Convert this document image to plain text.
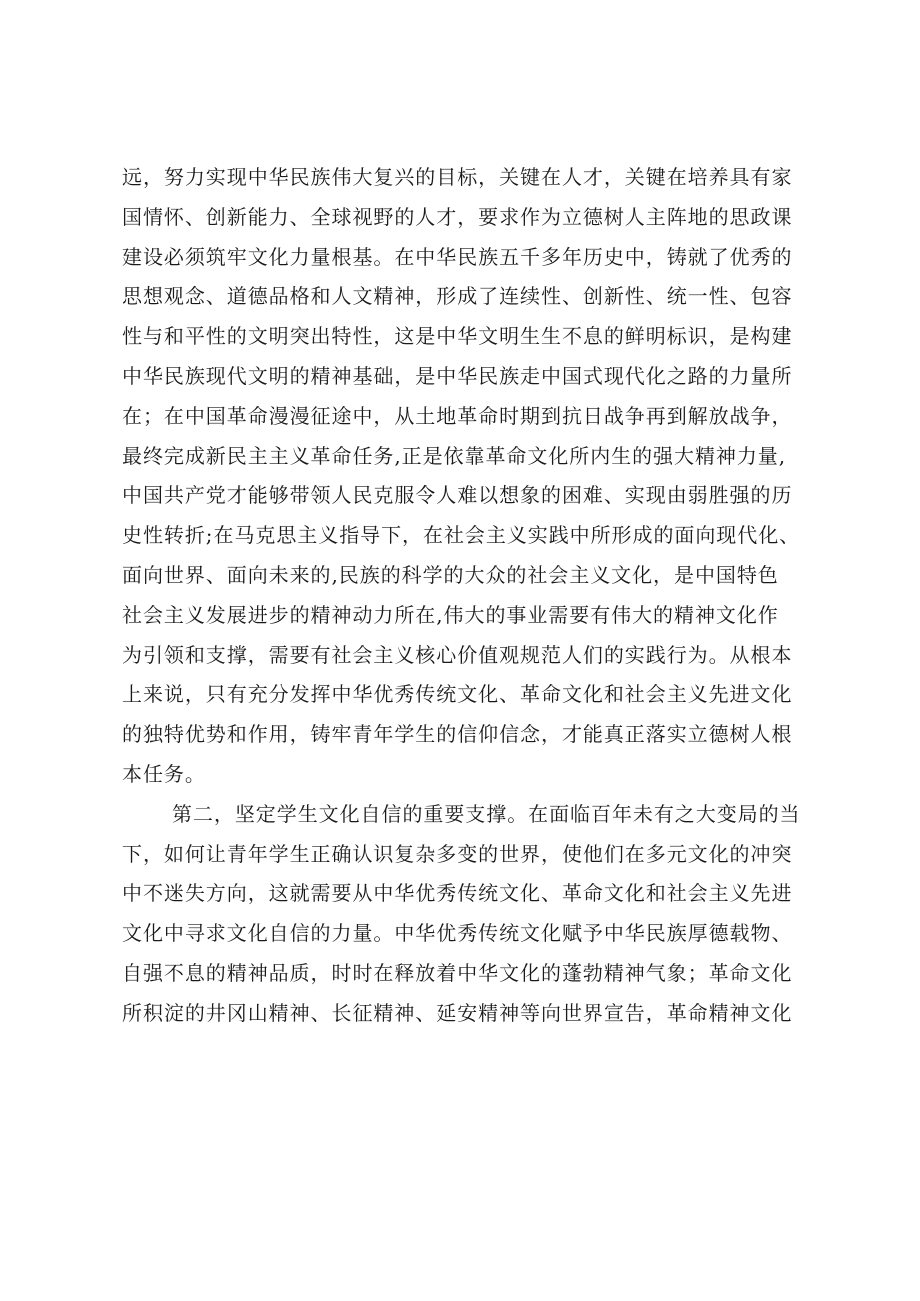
远，努力实现中华民族伟大复兴的目标，关键在人才，关键在培养具有家
国情怀、创新能力、全球视野的人才，要求作为立德树人主阵地的思政课
建设必须筑牢文化力量根基。在中华民族五千多年历史中，铸就了优秀的
思想观念、道德品格和人文精神，形成了连续性、创新性、统一性、包容
性与和平性的文明突出特性，这是中华文明生生不息的鲜明标识，是构建
中华民族现代文明的精神基础，是中华民族走中国式现代化之路的力量所
在；在中国革命漫漫征途中，从土地革命时期到抗日战争再到解放战争，
最终完成新民主主义革命任务,正是依靠革命文化所内生的强大精神力量,
中国共产党才能够带领人民克服令人难以想象的困难、实现由弱胜强的历
史性转折;在马克思主义指导下，在社会主义实践中所形成的面向现代化、
面向世界、面向未来的,民族的科学的大众的社会主义文化，是中国特色
社会主义发展进步的精神动力所在,伟大的事业需要有伟大的精神文化作
为引领和支撑，需要有社会主义核心价值观规范人们的实践行为。从根本
上来说，只有充分发挥中华优秀传统文化、革命文化和社会主义先进文化
的独特优势和作用，铸牢青年学生的信仰信念，才能真正落实立德树人根
本任务。
第二，坚定学生文化自信的重要支撑。在面临百年未有之大变局的当
下，如何让青年学生正确认识复杂多变的世界，使他们在多元文化的冲突
中不迷失方向，这就需要从中华优秀传统文化、革命文化和社会主义先进
文化中寻求文化自信的力量。中华优秀传统文化赋予中华民族厚德载物、
自强不息的精神品质，时时在释放着中华文化的蓬勃精神气象；革命文化
所积淀的井冈山精神、长征精神、延安精神等向世界宣告，革命精神文化
